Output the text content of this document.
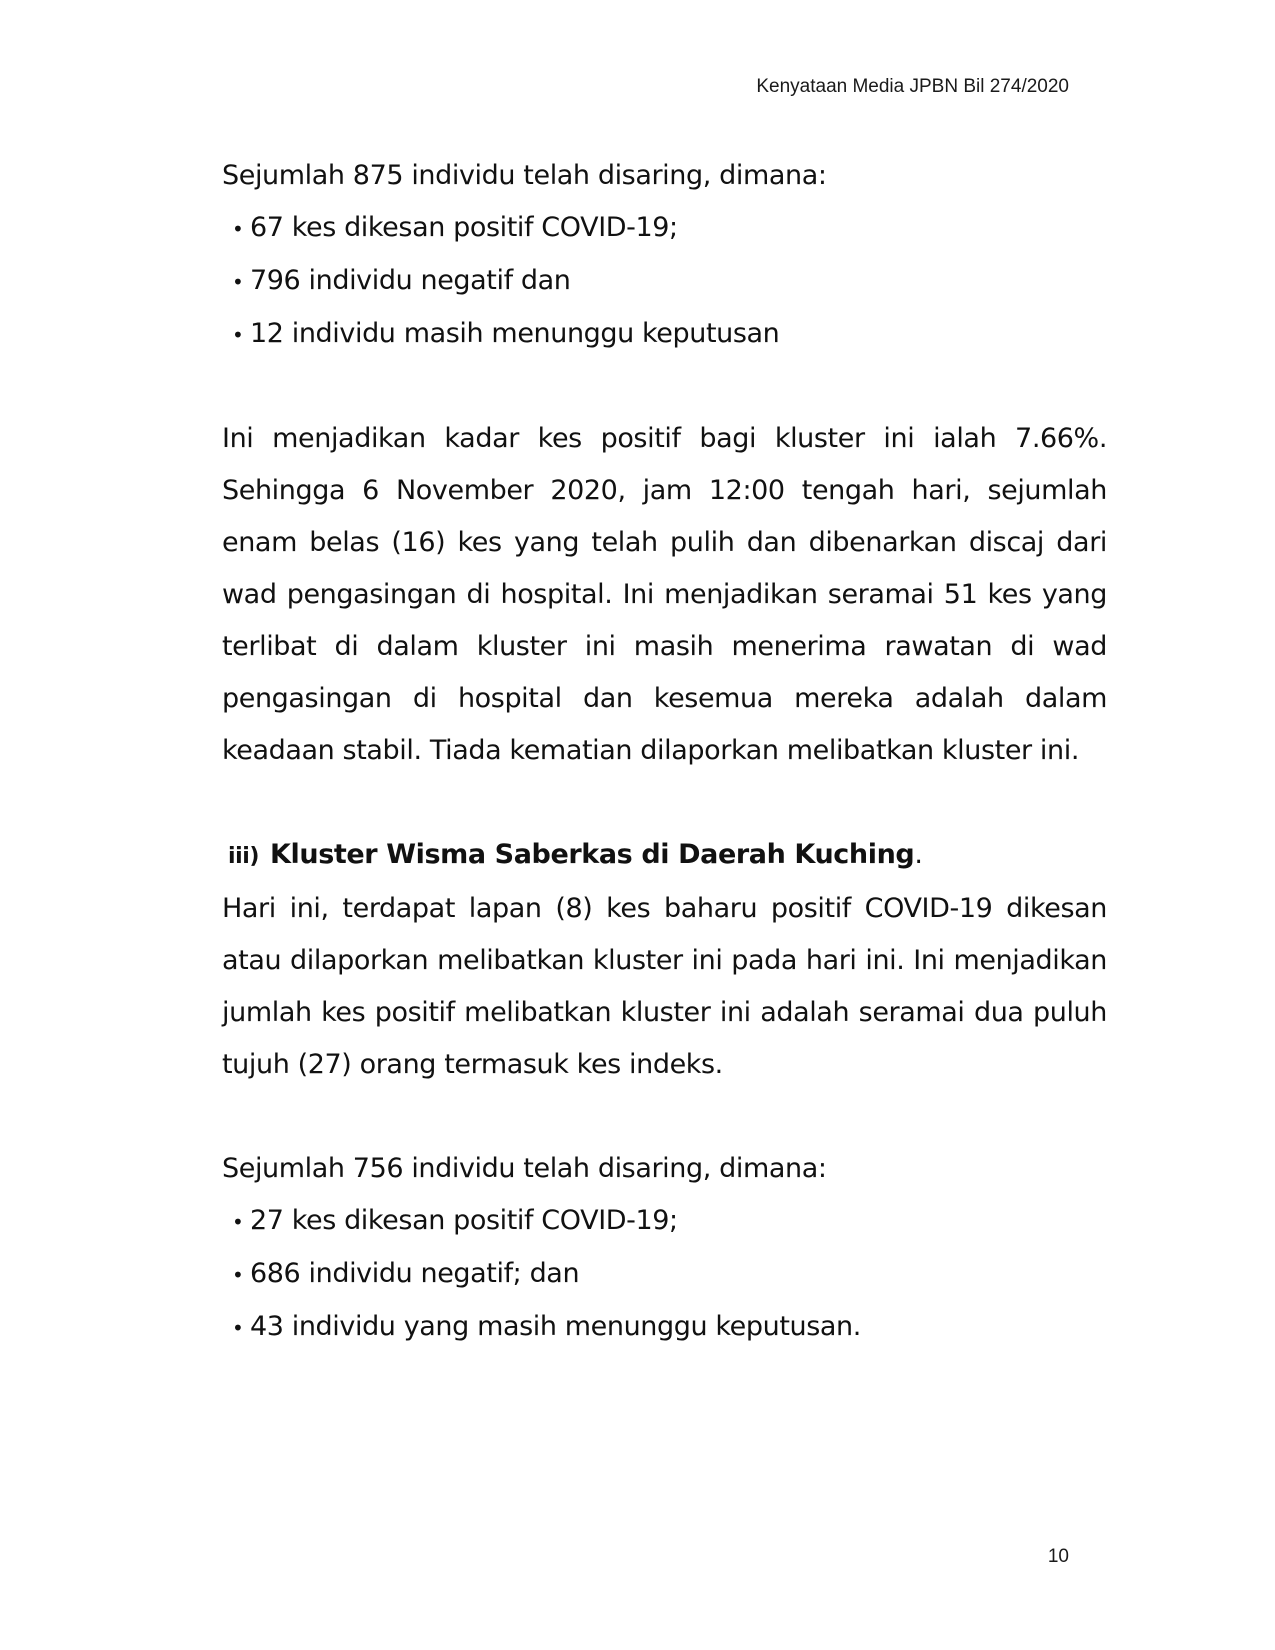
Kenyataan Media JPBN Bil 274/2020

Sejumlah 875 individu telah disaring, dimana:

• 67 kes dikesan positif COVID-19;
• 796 individu negatif dan
• 12 individu masih menunggu keputusan

Ini menjadikan kadar kes positif bagi kluster ini ialah 7.66%. Sehingga 6 November 2020, jam 12:00 tengah hari, sejumlah enam belas (16) kes yang telah pulih dan dibenarkan discaj dari wad pengasingan di hospital. Ini menjadikan seramai 51 kes yang terlibat di dalam kluster ini masih menerima rawatan di wad pengasingan di hospital dan kesemua mereka adalah dalam keadaan stabil. Tiada kematian dilaporkan melibatkan kluster ini.

iii) Kluster Wisma Saberkas di Daerah Kuching .

Hari ini, terdapat lapan (8) kes baharu positif COVID-19 dikesan atau dilaporkan melibatkan kluster ini pada hari ini. Ini menjadikan jumlah kes positif melibatkan kluster ini adalah seramai dua puluh tujuh (27) orang termasuk kes indeks.

Sejumlah 756 individu telah disaring, dimana:

• 27 kes dikesan positif COVID-19;
• 686 individu negatif; dan
• 43 individu yang masih menunggu keputusan.
10
